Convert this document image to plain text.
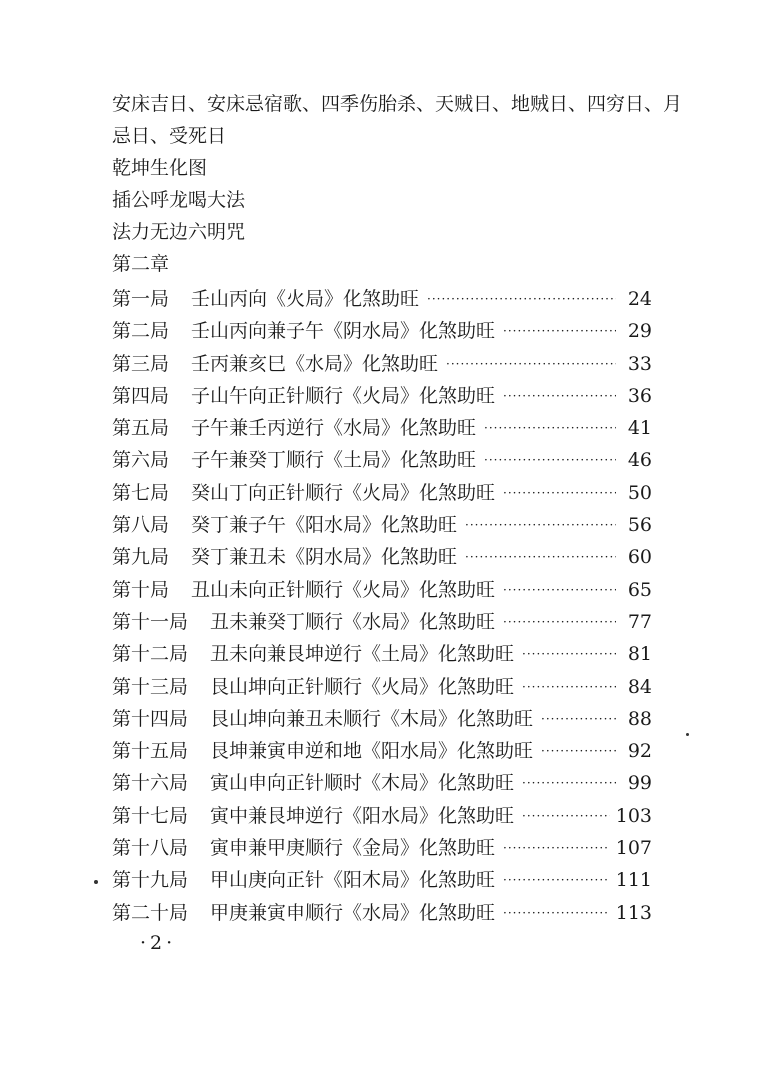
安床吉日、安床忌宿歌、四季伤胎杀、天贼日、地贼日、四穷日、月

忌日、受死日

乾坤生化图

插公呼龙喝大法

法力无边六明咒

第二章

第一局 壬山丙向《火局》化煞助旺 ·····	24
第二局 壬山丙向兼子午《阴水局》化煞助旺 ·····	29
第三局 壬丙兼亥巳《水局》化煞助旺 ·····	33
第四局 子山午向正针顺行《火局》化煞助旺 ·····	36
第五局 子午兼壬丙逆行《水局》化煞助旺 ·····	41
第六局 子午兼癸丁顺行《土局》化煞助旺 ·····	46
第七局 癸山丁向正针顺行《火局》化煞助旺 ·····	50
第八局 癸丁兼子午《阳水局》化煞助旺 ·····	56
第九局 癸丁兼丑未《阴水局》化煞助旺 ·····	60
第十局 丑山未向正针顺行《火局》化煞助旺 ·····	65
第十一局 丑未兼癸丁顺行《水局》化煞助旺 ·····	77
第十二局 丑未向兼艮坤逆行《土局》化煞助旺 ·····	81
第十三局 艮山坤向正针顺行《火局》化煞助旺 ·····	84
第十四局 艮山坤向兼丑未顺行《木局》化煞助旺 ·····	88
第十五局 艮坤兼寅申逆和地《阳水局》化煞助旺 ·····	92
第十六局 寅山申向正针顺时《木局》化煞助旺 ·····	99
第十七局 寅中兼艮坤逆行《阳水局》化煞助旺 ·····	103
第十八局 寅申兼甲庚顺行《金局》化煞助旺 ·····	107
第十九局 甲山庚向正针《阳木局》化煞助旺 ·····	111
第二十局 甲庚兼寅申顺行《水局》化煞助旺 ·····	113
·2·
